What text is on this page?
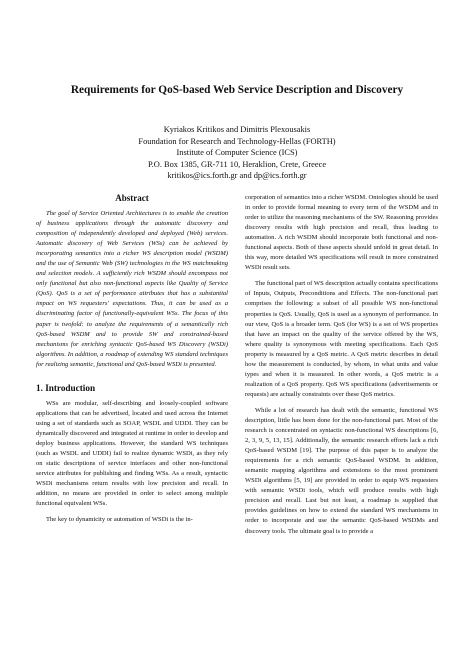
Requirements for QoS-based Web Service Description and Discovery
Kyriakos Kritikos and Dimitris Plexousakis
Foundation for Research and Technology-Hellas (FORTH)
Institute of Computer Science (ICS)
P.O. Box 1385, GR-711 10, Heraklion, Crete, Greece
kritikos@ics.forth.gr and dp@ics.forth.gr
Abstract

The goal of Service Oriented Architectures is to enable the creation of business applications through the automatic discovery and composition of independently developed and deployed (Web) services. Automatic discovery of Web Services (WSs) can be achieved by incorporating semantics into a richer WS description model (WSDM) and the use of Semantic Web (SW) technologies in the WS matchmaking and selection models. A sufficiently rich WSDM should encompass not only functional but also non-functional aspects like Quality of Service (QoS). QoS is a set of performance attributes that has a substantial impact on WS requesters' expectations. Thus, it can be used as a discriminating factor of functionally-equivalent WSs. The focus of this paper is twofold: to analyze the requirements of a semantically rich QoS-based WSDM and to provide SW and constrained-based mechanisms for enriching syntactic QoS-based WS Discovery (WSDi) algorithms. In addition, a roadmap of extending WS standard techniques for realizing semantic, functional and QoS-based WSDi is presented.

1. Introduction

WSs are modular, self-describing and loosely-coupled software applications that can be advertised, located and used across the Internet using a set of standards such as SOAP, WSDL and UDDI. They can be dynamically discovered and integrated at runtime in order to develop and deploy business applications. However, the standard WS techniques (such as WSDL and UDDI) fail to realize dynamic WSDi, as they rely on static descriptions of service interfaces and other non-functional service attributes for publishing and finding WSs. As a result, syntactic WSDi mechanisms return results with low precision and recall. In addition, no means are provided in order to select among multiple functional equivalent WSs.

The key to dynamicity or automation of WSDi is the in-

corporation of semantics into a richer WSDM. Ontologies should be used in order to provide formal meaning to every term of the WSDM and in order to utilize the reasoning mechanisms of the SW. Reasoning provides discovery results with high precision and recall, thus leading to automation. A rich WSDM should incorporate both functional and non-functional aspects. Both of these aspects should unfold in great detail. In this way, more detailed WS specifications will result in more constrained WSDi result sets.

The functional part of WS description actually contains specifications of Inputs, Outputs, Preconditions and Effects. The non-functional part comprises the following: a subset of all possible WS non-functional properties is QoS. Usually, QoS is used as a synonym of performance. In our view, QoS is a broader term. QoS (for WS) is a set of WS properties that have an impact on the quality of the service offered by the WS, where quality is synonymous with meeting specifications. Each QoS property is measured by a QoS metric. A QoS metric describes in detail how the measurement is conducted, by whom, in what units and value types and when it is measured. In other words, a QoS metric is a realization of a QoS property. QoS WS specifications (advertisements or requests) are actually constraints over these QoS metrics.

While a lot of research has dealt with the semantic, functional WS description, little has been done for the non-functional part. Most of the research is concentrated on syntactic non-functional WS descriptions [6, 2, 3, 9, 5, 13, 15]. Additionally, the semantic research efforts lack a rich QoS-based WSDM [19]. The purpose of this paper is to analyze the requirements for a rich semantic QoS-based WSDM. In addition, semantic mapping algorithms and extensions to the most prominent WSDi algorithms [5, 19] are provided in order to equip WS requesters with semantic WSDi tools, which will produce results with high precision and recall. Last but not least, a roadmap is supplied that provides guidelines on how to extend the standard WS mechanisms in order to incorporate and use the semantic QoS-based WSDMs and discovery tools. The ultimate goal is to provide a
